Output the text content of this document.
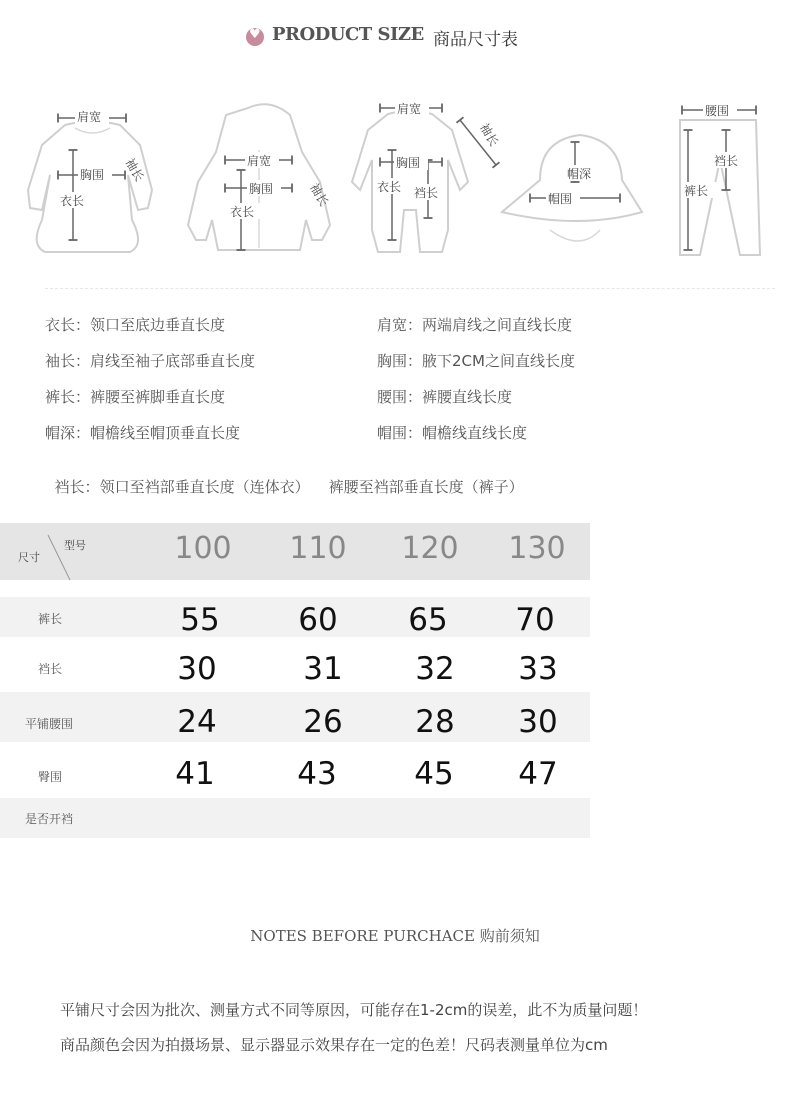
♥
PRODUCT SIZE 商品尺寸表
肩宽
胸围
衣长
袖长	肩宽
胸围
衣长
袖长
肩宽
胸围
衣长 裆长
袖长
帽深
帽围
腰围
裆长
裤长
衣长：领口至底边垂直长度	肩宽：两端肩线之间直线长度
袖长：肩线至袖子底部垂直长度	胸围：腋下2CM之间直线长度
裤长：裤腰至裤脚垂直长度	腰围：裤腰直线长度
帽深：帽檐线至帽顶垂直长度	帽围：帽檐线直线长度

裆长：领口至裆部垂直长度（连体衣）    裤腰至裆部垂直长度（裤子）

型号
尺寸	100	110	120	130
裤长	55	60	65	70
裆长	30	31	32	33
平铺腰围	24	26	28	30
臀围	41	43	45	47
是否开裆
NOTES BEFORE PURCHACE 购前须知
平铺尺寸会因为批次、测量方式不同等原因，可能存在1-2cm的误差，此不为质量问题！
商品颜色会因为拍摄场景、显示器显示效果存在一定的色差！尺码表测量单位为cm
